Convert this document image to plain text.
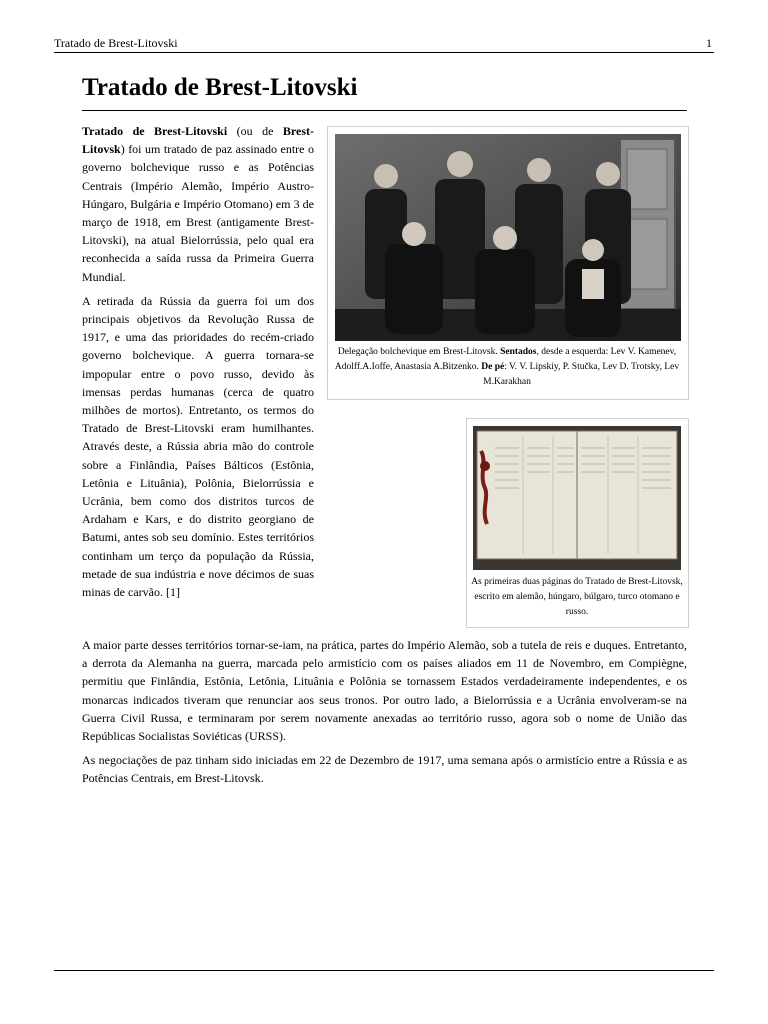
Tratado de Brest-Litovski	1
Tratado de Brest-Litovski

Tratado de Brest-Litovski (ou de Brest-Litovsk) foi um tratado de paz assinado entre o governo bolchevique russo e as Potências Centrais (Império Alemão, Império Austro-Húngaro, Bulgária e Império Otomano) em 3 de março de 1918, em Brest (antigamente Brest-Litovski), na atual Bielorrússia, pelo qual era reconhecida a saída russa da Primeira Guerra Mundial.

A retirada da Rússia da guerra foi um dos principais objetivos da Revolução Russa de 1917, e uma das prioridades do recém-criado governo bolchevique. A guerra tornara-se impopular entre o povo russo, devido às imensas perdas humanas (cerca de quatro milhões de mortos). Entretanto, os termos do Tratado de Brest-Litovski eram humilhantes. Através deste, a Rússia abria mão do controle sobre a Finlândia, Países Bálticos (Estônia, Letônia e Lituânia), Polônia, Bielorrússia e Ucrânia, bem como dos distritos turcos de Ardaham e Kars, e do distrito georgiano de Batumi, antes sob seu domínio. Estes territórios continham um terço da população da Rússia, metade de sua indústria e nove décimos de suas minas de carvão. [1]

Delegação bolchevique em Brest-Litovsk. Sentados, desde a esquerda: Lev V. Kamenev, Adolff.A.Ioffe, Anastasia A.Bitzenko. De pé: V. V. Lipskiy, P. Stučka, Lev D. Trotsky, Lev M.Karakhan
As primeiras duas páginas do Tratado de Brest-Litovsk, escrito em alemão, húngaro, búlgaro, turco otomano e russo.

A maior parte desses territórios tornar-se-iam, na prática, partes do Império Alemão, sob a tutela de reis e duques. Entretanto, a derrota da Alemanha na guerra, marcada pelo armistício com os países aliados em 11 de Novembro, em Compiègne, permitiu que Finlândia, Estônia, Letônia, Lituânia e Polônia se tornassem Estados verdadeiramente independentes, e os monarcas indicados tiveram que renunciar aos seus tronos. Por outro lado, a Bielorrússia e a Ucrânia envolveram-se na Guerra Civil Russa, e terminaram por serem novamente anexadas ao território russo, agora sob o nome de União das Repúblicas Socialistas Soviéticas (URSS).

As negociações de paz tinham sido iniciadas em 22 de Dezembro de 1917, uma semana após o armistício entre a Rússia e as Potências Centrais, em Brest-Litovsk.
